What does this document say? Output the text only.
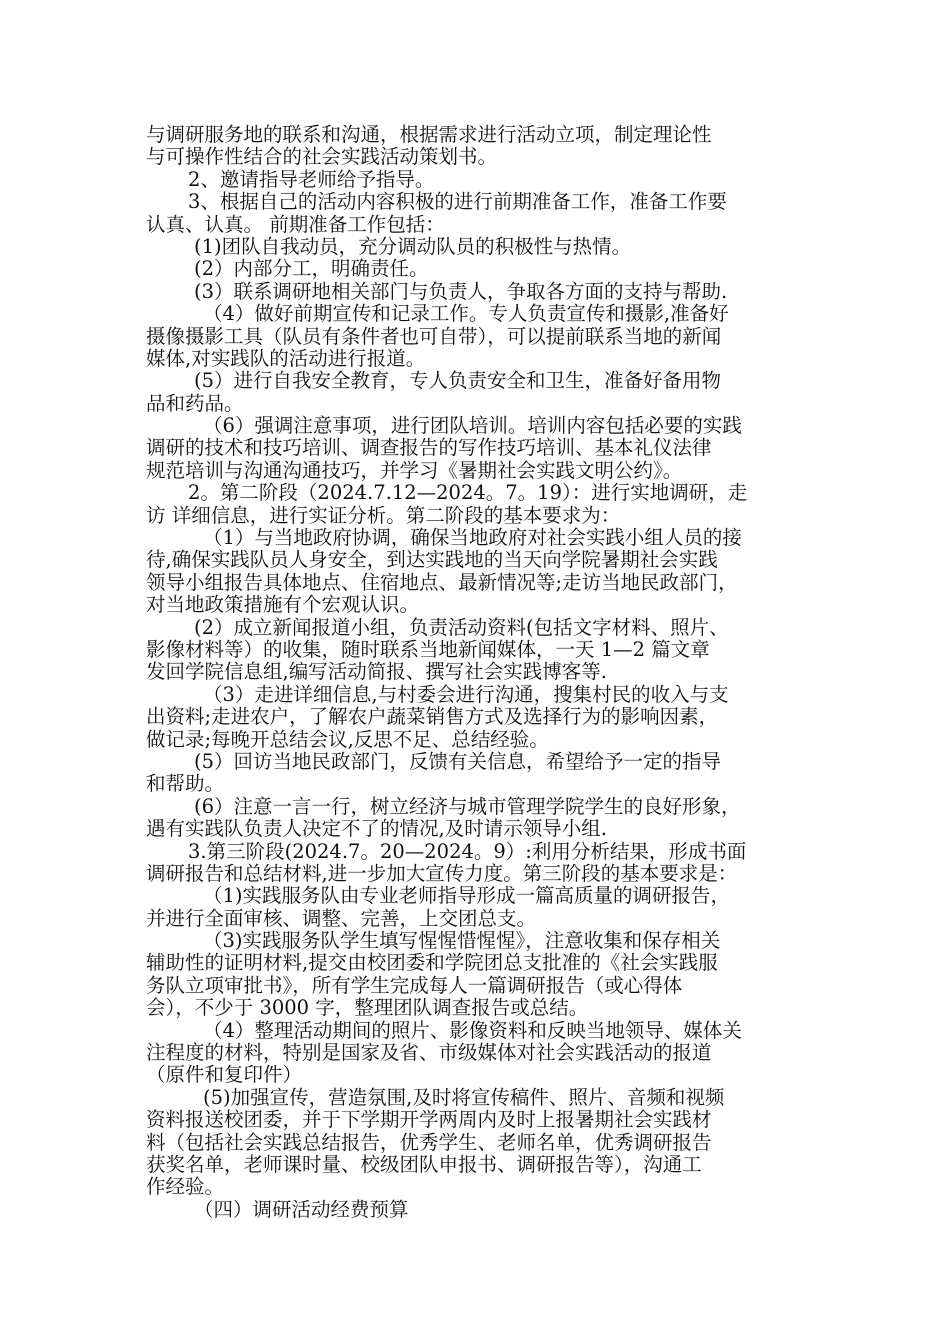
与调研服务地的联系和沟通，根据需求进行活动立项，制定理论性
与可操作性结合的社会实践活动策划书。
2、邀请指导老师给予指导。
3、根据自己的活动内容积极的进行前期准备工作，准备工作要
认真、认真。 前期准备工作包括：
(1)团队自我动员，充分调动队员的积极性与热情。
(2）内部分工，明确责任。
(3）联系调研地相关部门与负责人，争取各方面的支持与帮助.
（4）做好前期宣传和记录工作。专人负责宣传和摄影,准备好
摄像摄影工具（队员有条件者也可自带），可以提前联系当地的新闻
媒体,对实践队的活动进行报道。
(5）进行自我安全教育，专人负责安全和卫生，准备好备用物
品和药品。
（6）强调注意事项，进行团队培训。培训内容包括必要的实践
调研的技术和技巧培训、调查报告的写作技巧培训、基本礼仪法律
规范培训与沟通沟通技巧，并学习《暑期社会实践文明公约》。
2。第二阶段（2024.7.12—2024。7。19）：进行实地调研，走
访 详细信息，进行实证分析。第二阶段的基本要求为：
（1）与当地政府协调，确保当地政府对社会实践小组人员的接
待,确保实践队员人身安全，到达实践地的当天向学院暑期社会实践
领导小组报告具体地点、住宿地点、最新情况等;走访当地民政部门，
对当地政策措施有个宏观认识。
(2）成立新闻报道小组，负责活动资料(包括文字材料、照片、
影像材料等）的收集，随时联系当地新闻媒体，一天 1—2 篇文章
发回学院信息组,编写活动简报、撰写社会实践博客等.
（3）走进详细信息,与村委会进行沟通，搜集村民的收入与支
出资料;走进农户，了解农户蔬菜销售方式及选择行为的影响因素，
做记录;每晚开总结会议,反思不足、总结经验。
(5）回访当地民政部门，反馈有关信息，希望给予一定的指导
和帮助。
(6）注意一言一行，树立经济与城市管理学院学生的良好形象，
遇有实践队负责人决定不了的情况,及时请示领导小组.
3.第三阶段(2024.7。20—2024。9）:利用分析结果，形成书面
调研报告和总结材料,进一步加大宣传力度。第三阶段的基本要求是：
（1)实践服务队由专业老师指导形成一篇高质量的调研报告，
并进行全面审核、调整、完善，上交团总支。
（3)实践服务队学生填写惺惺惜惺惺》，注意收集和保存相关
辅助性的证明材料,提交由校团委和学院团总支批准的《社会实践服
务队立项审批书》，所有学生完成每人一篇调研报告（或心得体
会），不少于 3000 字，整理团队调查报告或总结。
（4）整理活动期间的照片、影像资料和反映当地领导、媒体关
注程度的材料，特别是国家及省、市级媒体对社会实践活动的报道
（原件和复印件）
(5)加强宣传，营造氛围,及时将宣传稿件、照片、音频和视频
资料报送校团委，并于下学期开学两周内及时上报暑期社会实践材
料（包括社会实践总结报告，优秀学生、老师名单，优秀调研报告
获奖名单，老师课时量、校级团队申报书、调研报告等），沟通工
作经验。
（四）调研活动经费预算
